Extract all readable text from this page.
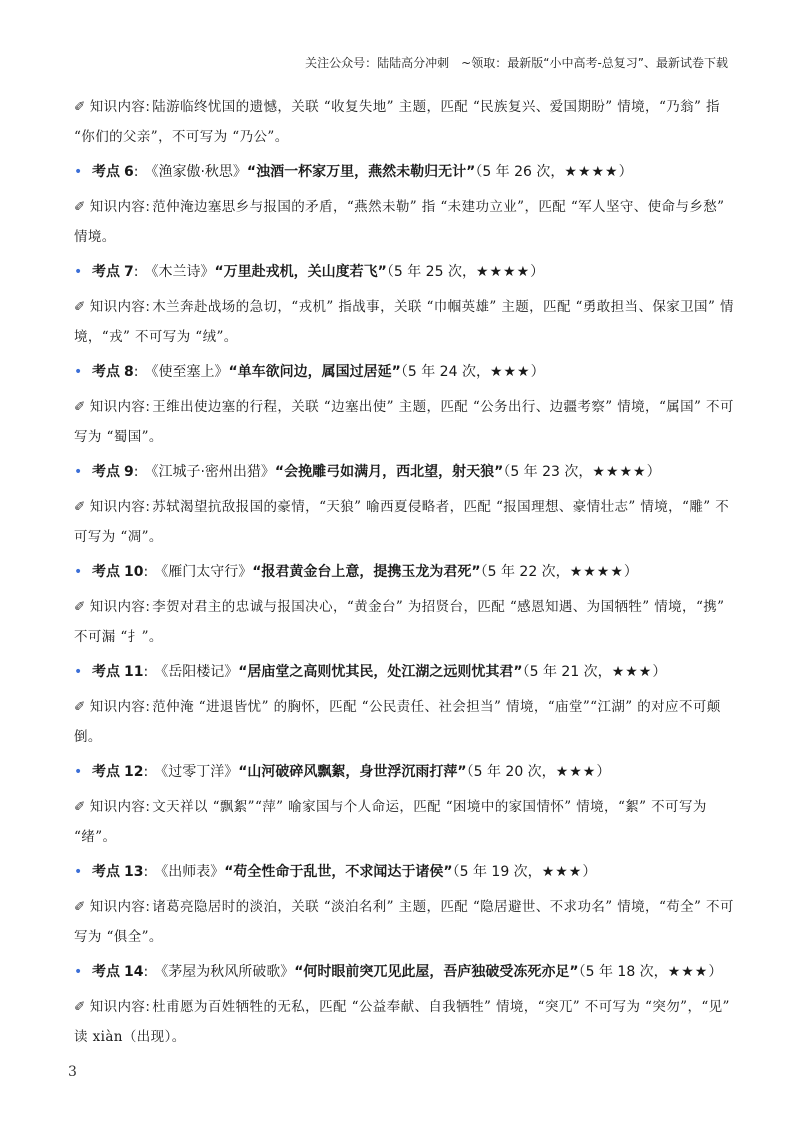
关注公众号：陆陆高分冲刺　~领取：最新版“小中高考-总复习”、最新试卷下载

✐ 知识内容: 陆游临终忧国的遗憾，关联 “收复失地” 主题，匹配 “民族复兴、爱国期盼” 情境，“乃翁” 指 “你们的父亲”，不可写为 “乃公”。

• 考点 6: 《渔家傲·秋思》“浊酒一杯家万里，燕然未勒归无计”（5 年 26 次，★★★★）

✐ 知识内容: 范仲淹边塞思乡与报国的矛盾，“燕然未勒” 指 “未建功立业”，匹配 “军人坚守、使命与乡愁” 情境。

• 考点 7: 《木兰诗》“万里赴戎机，关山度若飞”（5 年 25 次，★★★★）

✐ 知识内容: 木兰奔赴战场的急切，“戎机” 指战事，关联 “巾帼英雄” 主题，匹配 “勇敢担当、保家卫国” 情境，“戎” 不可写为 “绒”。

• 考点 8: 《使至塞上》“单车欲问边，属国过居延”（5 年 24 次，★★★）

✐ 知识内容: 王维出使边塞的行程，关联 “边塞出使” 主题，匹配 “公务出行、边疆考察” 情境，“属国” 不可写为 “蜀国”。

• 考点 9: 《江城子·密州出猎》“会挽雕弓如满月，西北望，射天狼”（5 年 23 次，★★★★）

✐ 知识内容: 苏轼渴望抗敌报国的豪情，“天狼” 喻西夏侵略者，匹配 “报国理想、豪情壮志” 情境，“雕” 不可写为 “凋”。

• 考点 10: 《雁门太守行》“报君黄金台上意，提携玉龙为君死”（5 年 22 次，★★★★）

✐ 知识内容: 李贺对君主的忠诚与报国决心，“黄金台” 为招贤台，匹配 “感恩知遇、为国牺牲” 情境，“携” 不可漏 “扌”。

• 考点 11: 《岳阳楼记》“居庙堂之高则忧其民，处江湖之远则忧其君”（5 年 21 次，★★★）

✐ 知识内容: 范仲淹 “进退皆忧” 的胸怀，匹配 “公民责任、社会担当” 情境，“庙堂”“江湖” 的对应不可颠倒。

• 考点 12: 《过零丁洋》“山河破碎风飘絮，身世浮沉雨打萍”（5 年 20 次，★★★）

✐ 知识内容: 文天祥以 “飘絮”“萍” 喻家国与个人命运，匹配 “困境中的家国情怀” 情境，“絮” 不可写为 “绪”。

• 考点 13: 《出师表》“苟全性命于乱世，不求闻达于诸侯”（5 年 19 次，★★★）

✐ 知识内容: 诸葛亮隐居时的淡泊，关联 “淡泊名利” 主题，匹配 “隐居避世、不求功名” 情境，“苟全” 不可写为 “俱全”。

• 考点 14: 《茅屋为秋风所破歌》“何时眼前突兀见此屋，吾庐独破受冻死亦足”（5 年 18 次，★★★）

✐ 知识内容: 杜甫愿为百姓牺牲的无私，匹配 “公益奉献、自我牺牲” 情境，“突兀” 不可写为 “突勿”，“见” 读 xiàn（出现）。

3
